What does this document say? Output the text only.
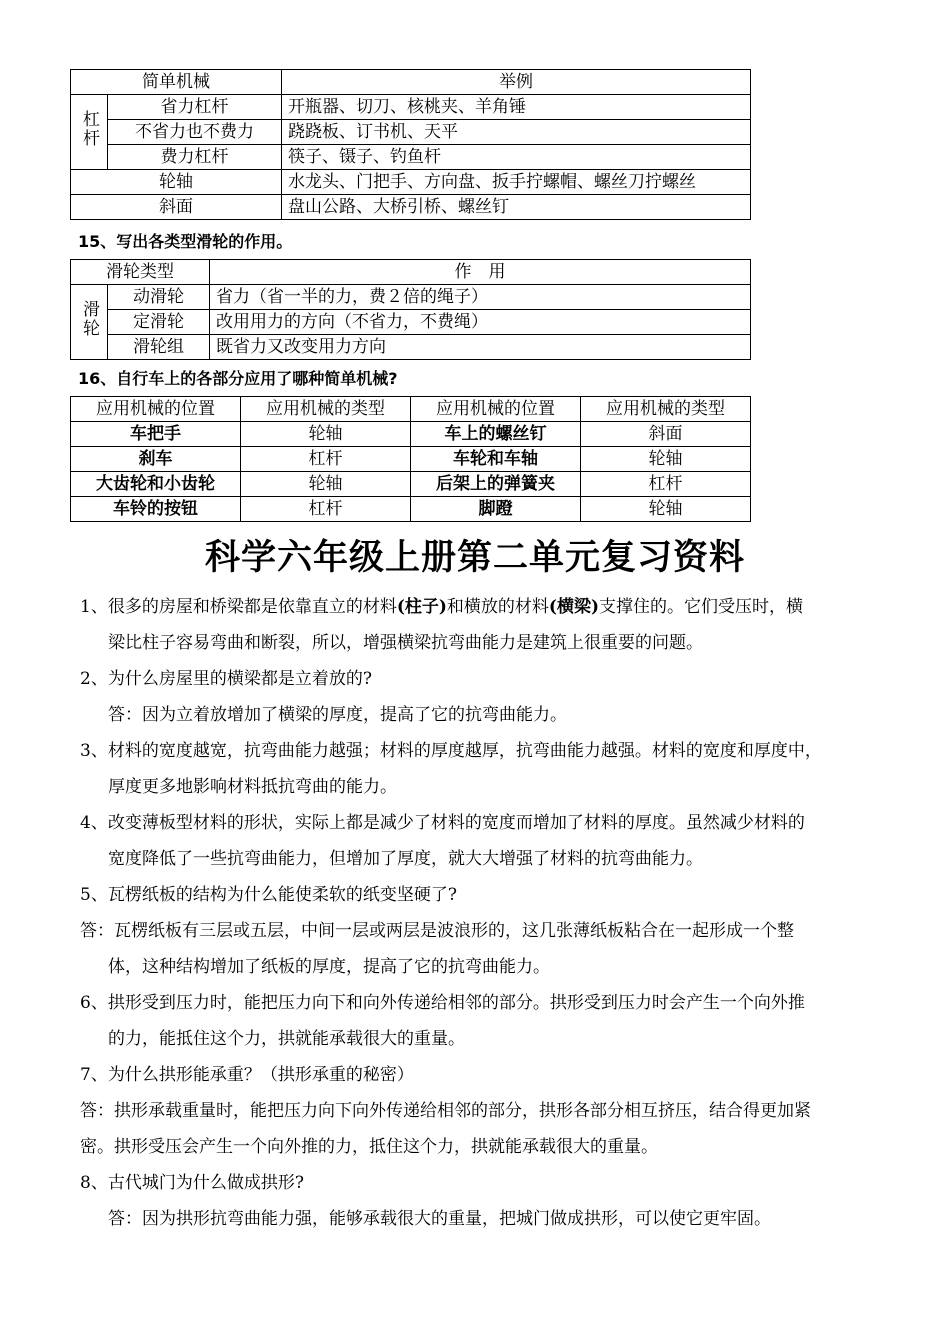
简单机械		举例
杠杆	省力杠杆	开瓶器、切刀、核桃夹、羊角锤
	不省力也不费力	跷跷板、订书机、天平
	费力杠杆	筷子、镊子、钓鱼杆
轮轴		水龙头、门把手、方向盘、扳手拧螺帽、螺丝刀拧螺丝
斜面		盘山公路、大桥引桥、螺丝钉
15、写出各类型滑轮的作用。
滑轮类型		作　用
滑轮	动滑轮	省力（省一半的力，费２倍的绳子）
	定滑轮	改用用力的方向（不省力，不费绳）
	滑轮组	既省力又改变用力方向
16、自行车上的各部分应用了哪种简单机械?
应用机械的位置	应用机械的类型	应用机械的位置	应用机械的类型
车把手	轮轴	车上的螺丝钉	斜面
刹车	杠杆	车轮和车轴	轮轴
大齿轮和小齿轮	轮轴	后架上的弹簧夹	杠杆
车铃的按钮	杠杆	脚蹬	轮轴
科学六年级上册第二单元复习资料
1、很多的房屋和桥梁都是依靠直立的材料(柱子)和横放的材料(横梁)支撑住的。它们受压时，横
梁比柱子容易弯曲和断裂，所以，增强横梁抗弯曲能力是建筑上很重要的问题。
2、为什么房屋里的横梁都是立着放的?
答：因为立着放增加了横梁的厚度，提高了它的抗弯曲能力。
3、材料的宽度越宽，抗弯曲能力越强；材料的厚度越厚，抗弯曲能力越强。材料的宽度和厚度中，
厚度更多地影响材料抵抗弯曲的能力。
4、改变薄板型材料的形状，实际上都是减少了材料的宽度而增加了材料的厚度。虽然减少材料的
宽度降低了一些抗弯曲能力，但增加了厚度，就大大增强了材料的抗弯曲能力。
5、瓦楞纸板的结构为什么能使柔软的纸变坚硬了?
答：瓦楞纸板有三层或五层，中间一层或两层是波浪形的，这几张薄纸板粘合在一起形成一个整
体，这种结构增加了纸板的厚度，提高了它的抗弯曲能力。
6、拱形受到压力时，能把压力向下和向外传递给相邻的部分。拱形受到压力时会产生一个向外推
的力，能抵住这个力，拱就能承载很大的重量。
7、为什么拱形能承重？（拱形承重的秘密）
答：拱形承载重量时，能把压力向下向外传递给相邻的部分，拱形各部分相互挤压，结合得更加紧
密。拱形受压会产生一个向外推的力，抵住这个力，拱就能承载很大的重量。
8、古代城门为什么做成拱形?
答：因为拱形抗弯曲能力强，能够承载很大的重量，把城门做成拱形，可以使它更牢固。
